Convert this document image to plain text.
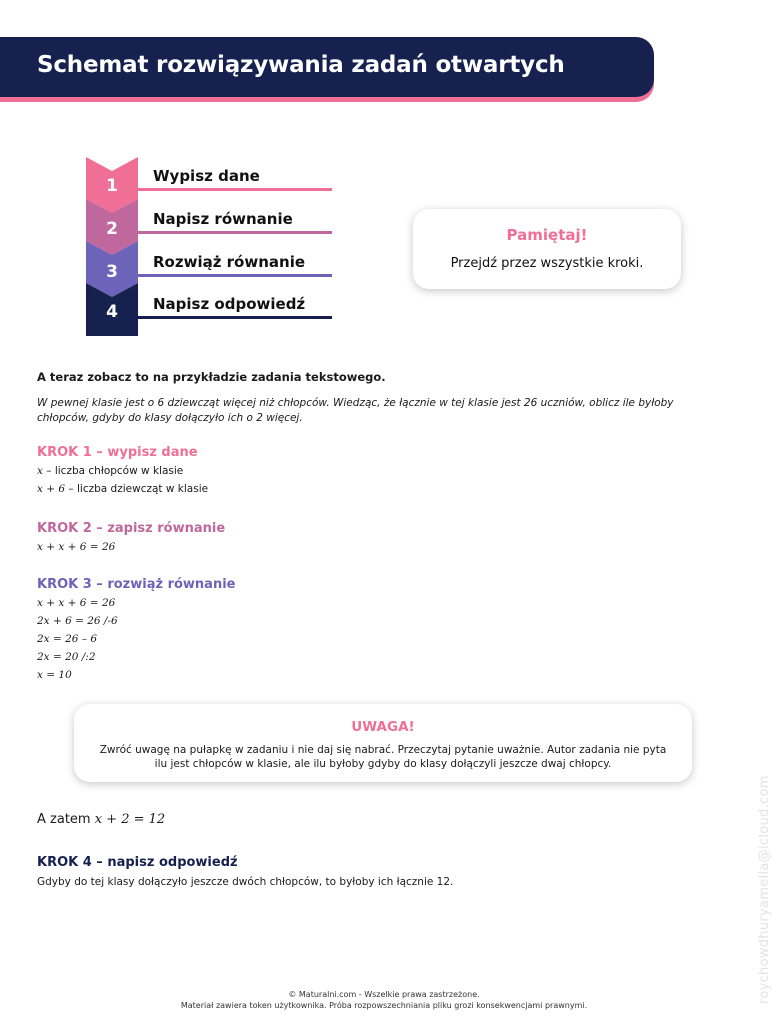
Schemat rozwiązywania zadań otwartych
1	Wypisz dane
2	Napisz równanie
3	Rozwiąż równanie
4	Napisz odpowiedź
Pamiętaj!
Przejdź przez wszystkie kroki.
A teraz zobacz to na przykładzie zadania tekstowego.
W pewnej klasie jest o 6 dziewcząt więcej niż chłopców. Wiedząc, że łącznie w tej klasie jest 26 uczniów, oblicz ile byłoby chłopców, gdyby do klasy dołączyło ich o 2 więcej.
KROK 1 – wypisz dane
x – liczba chłopców w klasie
x + 6 – liczba dziewcząt w klasie
KROK 2 – zapisz równanie
x + x + 6 = 26
KROK 3 – rozwiąż równanie
x + x + 6 = 26
2x + 6 = 26 /-6
2x = 26 – 6
2x = 20 /:2
x = 10
UWAGA!
Zwróć uwagę na pułapkę w zadaniu i nie daj się nabrać. Przeczytaj pytanie uważnie. Autor zadania nie pyta ilu jest chłopców w klasie, ale ilu byłoby gdyby do klasy dołączyli jeszcze dwaj chłopcy.
A zatem x + 2 = 12
KROK 4 – napisz odpowiedź
Gdyby do tej klasy dołączyło jeszcze dwóch chłopców, to byłoby ich łącznie 12.
© Maturalni.com - Wszelkie prawa zastrzeżone.
Materiał zawiera token użytkownika. Próba rozpowszechniania pliku grozi konsekwencjami prawnymi.
roychowdhuryamelia@icloud.com
